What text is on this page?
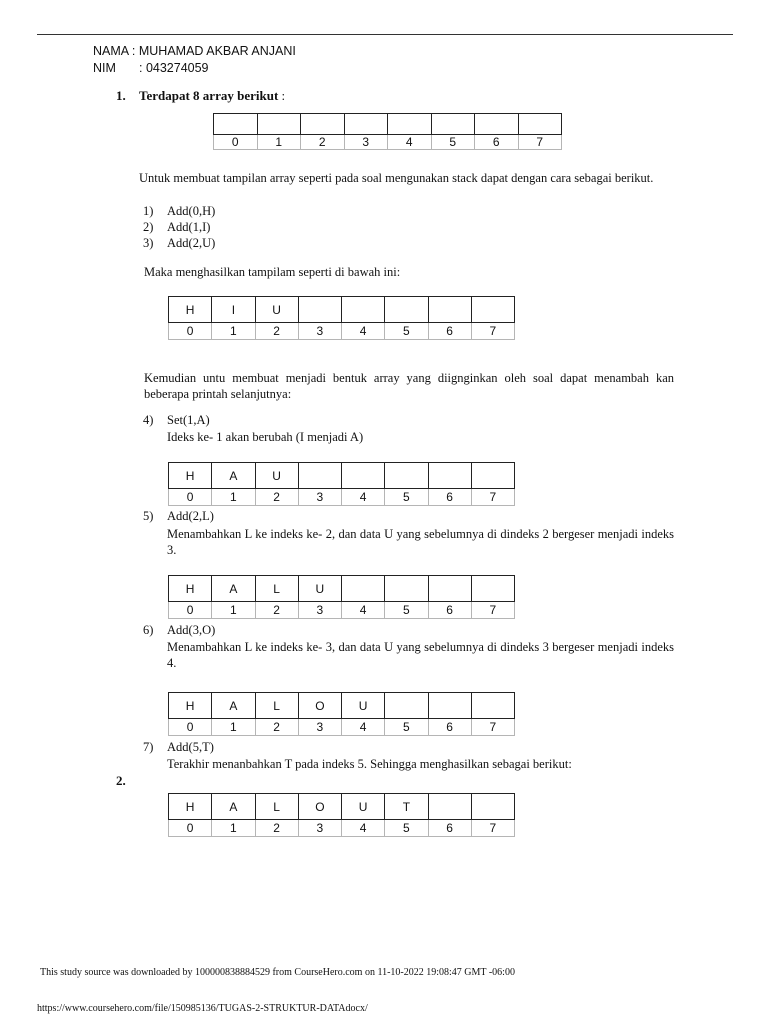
NAMA : MUHAMAD AKBAR ANJANI
NIM : 043274059
1. Terdapat 8 array berikut :

0	1	2	3	4	5	6	7
Untuk membuat tampilan array seperti pada soal mengunakan stack dapat dengan cara sebagai berikut.
1) Add(0,H)
2) Add(1,I)
3) Add(2,U)
Maka menghasilkan tampilam seperti di bawah ini:
H	I	U					
0	1	2	3	4	5	6	7
Kemudian untu membuat menjadi bentuk array yang diignginkan oleh soal dapat menambah kan beberapa printah selanjutnya:
4) Set(1,A)
Ideks ke- 1 akan berubah (I menjadi A)
H	A	U					
0	1	2	3	4	5	6	7
5) Add(2,L)
Menambahkan L ke indeks ke- 2, dan data U yang sebelumnya di dindeks 2 bergeser menjadi indeks 3.
H	A	L	U				
0	1	2	3	4	5	6	7
6) Add(3,O)
Menambahkan L ke indeks ke- 3, dan data U yang sebelumnya di dindeks 3 bergeser menjadi indeks 4.
H	A	L	O	U			
0	1	2	3	4	5	6	7
7) Add(5,T)
Terakhir menanbahkan T pada indeks 5. Sehingga menghasilkan sebagai berikut:
2.
H	A	L	O	U	T		
0	1	2	3	4	5	6	7
This study source was downloaded by 100000838884529 from CourseHero.com on 11-10-2022 19:08:47 GMT -06:00
https://www.coursehero.com/file/150985136/TUGAS-2-STRUKTUR-DATAdocx/
